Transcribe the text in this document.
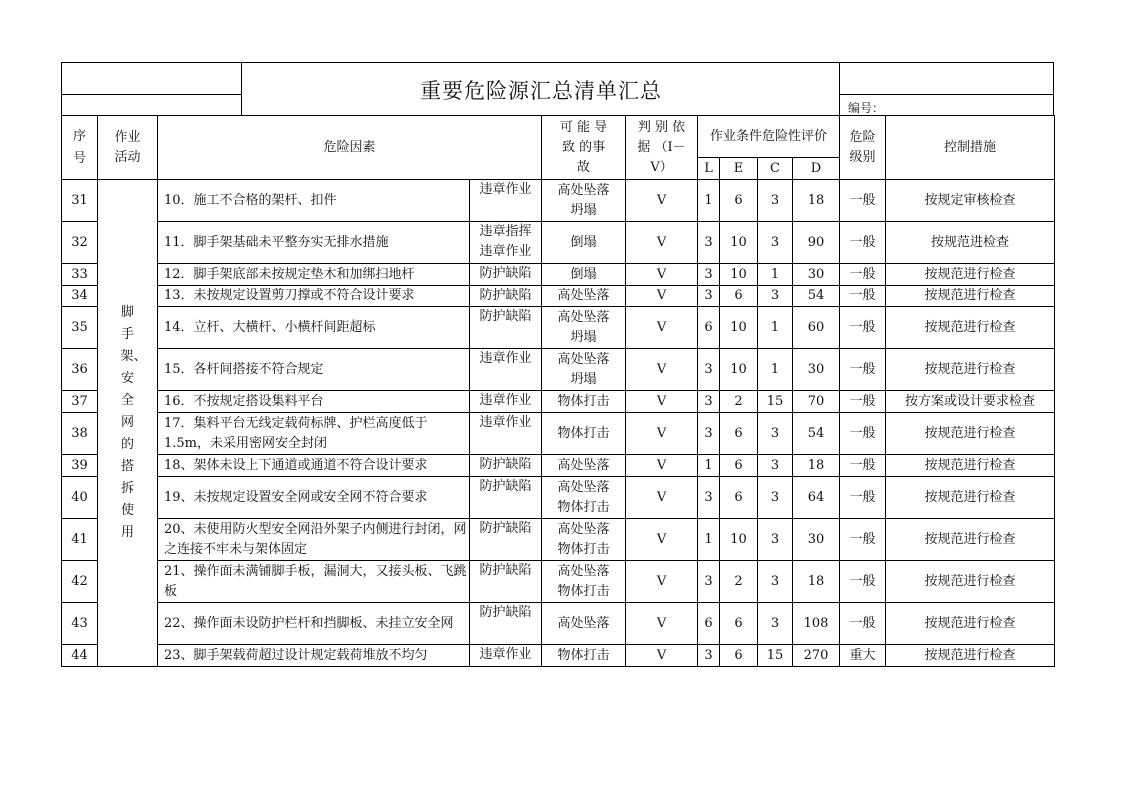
重要危险源汇总清单汇总
编号：
序号	作业活动	危险因素		可 能 导 致 的事故	判 别 依 据 （I－V）	作业条件危险性评价				危险级别	控制措施
						L	E	C	D		
31	脚手架、安全网的搭拆使用	10．施工不合格的架杆、扣件	违章作业	高处坠落坍塌	V	1	6	3	18	一般	按规定审核检查
32		11．脚手架基础未平整夯实无排水措施	违章指挥违章作业	倒塌	V	3	10	3	90	一般	按规范进检查
33		12．脚手架底部未按规定垫木和加绑扫地杆	防护缺陷	倒塌	V	3	10	1	30	一般	按规范进行检查
34		13．未按规定设置剪刀撑或不符合设计要求	防护缺陷	高处坠落	V	3	6	3	54	一般	按规范进行检查
35		14．立杆、大横杆、小横杆间距超标	防护缺陷	高处坠落坍塌	V	6	10	1	60	一般	按规范进行检查
36		15．各杆间搭接不符合规定	违章作业	高处坠落坍塌	V	3	10	1	30	一般	按规范进行检查
37		16．不按规定搭设集料平台	违章作业	物体打击	V	3	2	15	70	一般	按方案或设计要求检查
38		17．集料平台无线定载荷标牌、护栏高度低于1.5m，未采用密网安全封闭	违章作业	物体打击	V	3	6	3	54	一般	按规范进行检查
39		18、架体未设上下通道或通道不符合设计要求	防护缺陷	高处坠落	V	1	6	3	18	一般	按规范进行检查
40		19、未按规定设置安全网或安全网不符合要求	防护缺陷	高处坠落物体打击	V	3	6	3	64	一般	按规范进行检查
41		20、未使用防火型安全网沿外架子内侧进行封闭，网之连接不牢未与架体固定	防护缺陷	高处坠落物体打击	V	1	10	3	30	一般	按规范进行检查
42		21、操作面未满铺脚手板，漏洞大，又接头板、飞跳板	防护缺陷	高处坠落物体打击	V	3	2	3	18	一般	按规范进行检查
43		22、操作面未设防护栏杆和挡脚板、未挂立安全网	防护缺陷	高处坠落	V	6	6	3	108	一般	按规范进行检查
44		23、脚手架载荷超过设计规定载荷堆放不均匀	违章作业	物体打击	V	3	6	15	270	重大	按规范进行检查
